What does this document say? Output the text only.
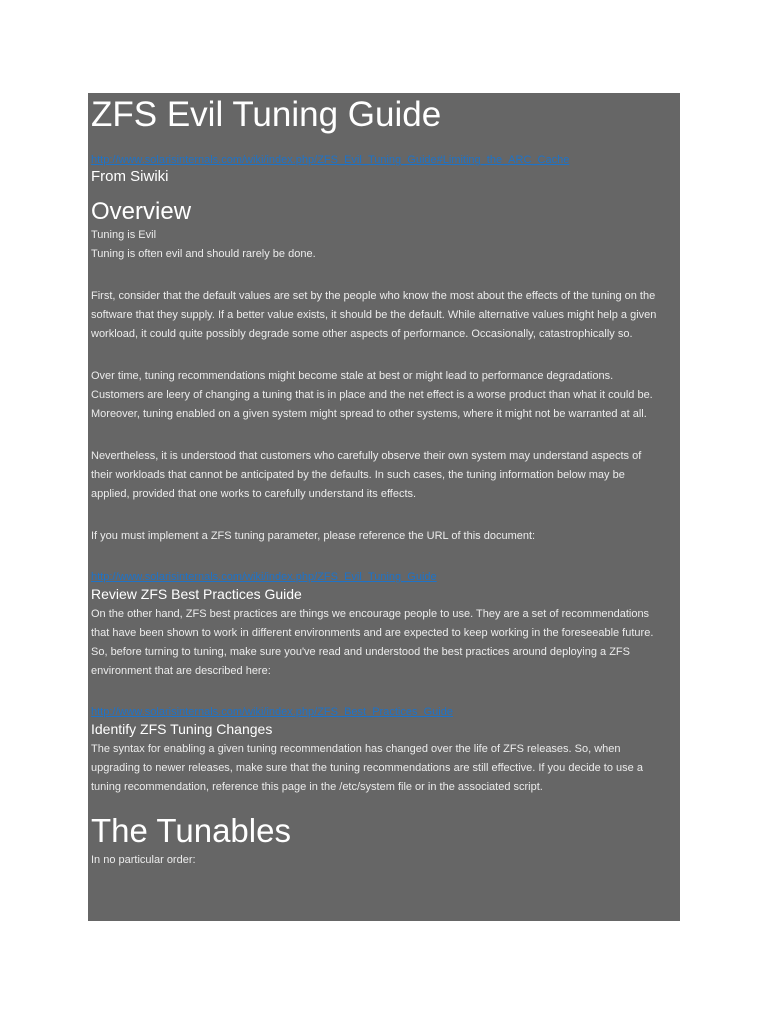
ZFS Evil Tuning Guide
http://www.solarisinternals.com/wiki/index.php/ZFS_Evil_Tuning_Guide#Limiting_the_ARC_Cache
From Siwiki
Overview

Tuning is Evil

Tuning is often evil and should rarely be done.

First, consider that the default values are set by the people who know the most about the effects of the tuning on the

software that they supply. If a better value exists, it should be the default. While alternative values might help a given

workload, it could quite possibly degrade some other aspects of performance. Occasionally, catastrophically so.

Over time, tuning recommendations might become stale at best or might lead to performance degradations.

Customers are leery of changing a tuning that is in place and the net effect is a worse product than what it could be.

Moreover, tuning enabled on a given system might spread to other systems, where it might not be warranted at all.

Nevertheless, it is understood that customers who carefully observe their own system may understand aspects of

their workloads that cannot be anticipated by the defaults. In such cases, the tuning information below may be

applied, provided that one works to carefully understand its effects.

If you must implement a ZFS tuning parameter, please reference the URL of this document:

http://www.solarisinternals.com/wiki/index.php/ZFS_Evil_Tuning_Guide

Review ZFS Best Practices Guide

On the other hand, ZFS best practices are things we encourage people to use. They are a set of recommendations

that have been shown to work in different environments and are expected to keep working in the foreseeable future.

So, before turning to tuning, make sure you've read and understood the best practices around deploying a ZFS

environment that are described here:

http://www.solarisinternals.com/wiki/index.php/ZFS_Best_Practices_Guide

Identify ZFS Tuning Changes

The syntax for enabling a given tuning recommendation has changed over the life of ZFS releases. So, when

upgrading to newer releases, make sure that the tuning recommendations are still effective. If you decide to use a

tuning recommendation, reference this page in the /etc/system file or in the associated script.

The Tunables

In no particular order:
